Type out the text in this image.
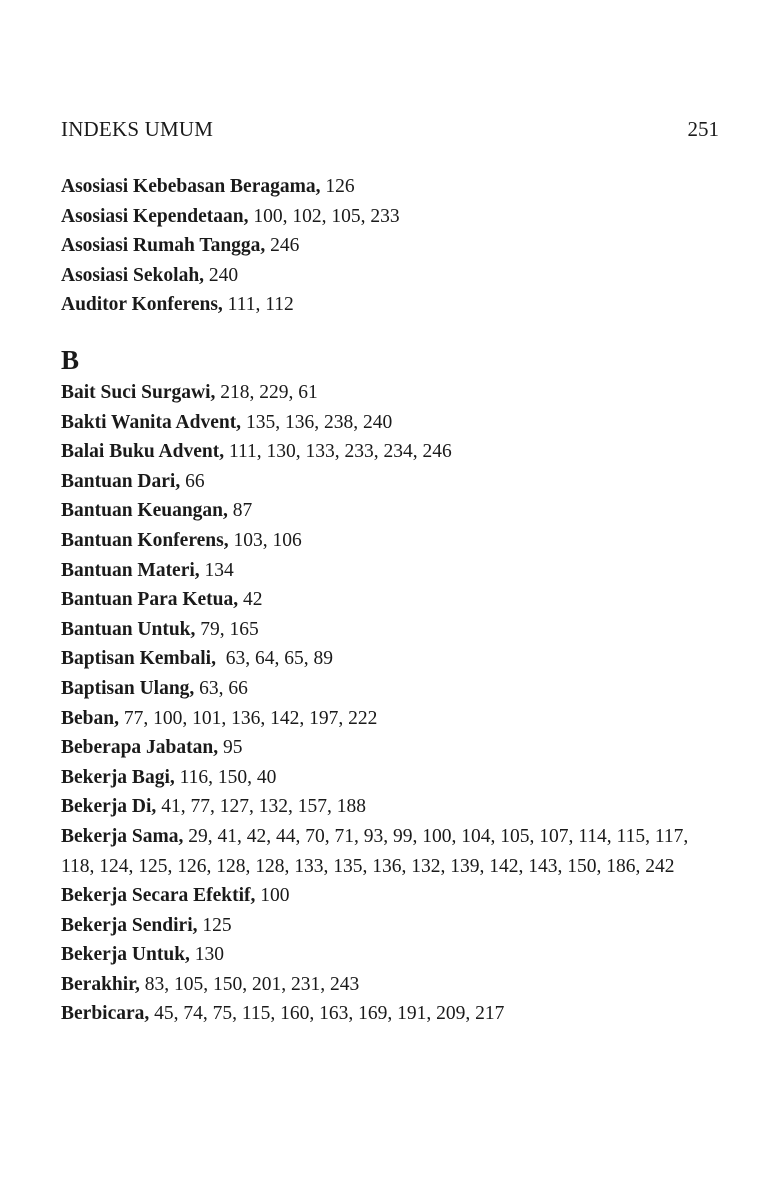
INDEKS UMUM	251
Asosiasi Kebebasan Beragama, 126
Asosiasi Kependetaan, 100, 102, 105, 233
Asosiasi Rumah Tangga, 246
Asosiasi Sekolah, 240
Auditor Konferens, 111, 112
B
Bait Suci Surgawi, 218, 229, 61
Bakti Wanita Advent, 135, 136, 238, 240
Balai Buku Advent, 111, 130, 133, 233, 234, 246
Bantuan Dari, 66
Bantuan Keuangan, 87
Bantuan Konferens, 103, 106
Bantuan Materi, 134
Bantuan Para Ketua, 42
Bantuan Untuk, 79, 165
Baptisan Kembali,  63, 64, 65, 89
Baptisan Ulang, 63, 66
Beban, 77, 100, 101, 136, 142, 197, 222
Beberapa Jabatan, 95
Bekerja Bagi, 116, 150, 40
Bekerja Di, 41, 77, 127, 132, 157, 188
Bekerja Sama, 29, 41, 42, 44, 70, 71, 93, 99, 100, 104, 105, 107, 114, 115, 117, 118, 124, 125, 126, 128, 128, 133, 135, 136, 132, 139, 142, 143, 150, 186, 242
Bekerja Secara Efektif, 100
Bekerja Sendiri, 125
Bekerja Untuk, 130
Berakhir, 83, 105, 150, 201, 231, 243
Berbicara, 45, 74, 75, 115, 160, 163, 169, 191, 209, 217
